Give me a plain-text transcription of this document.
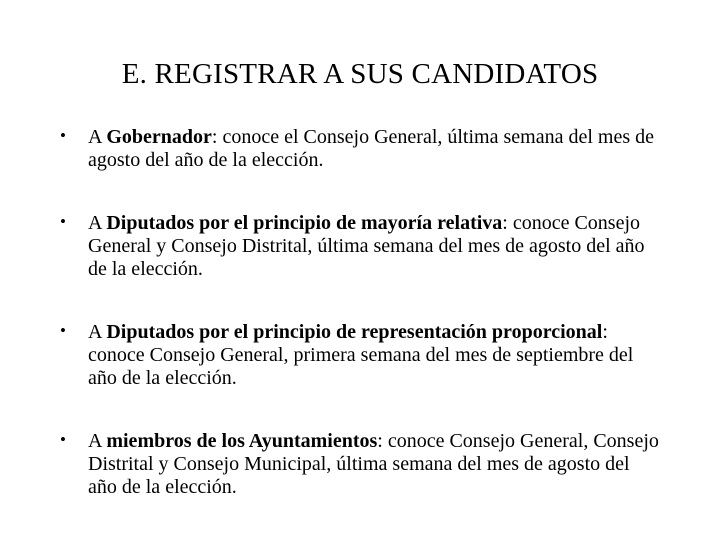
E. REGISTRAR A SUS CANDIDATOS
• A Gobernador: conoce el Consejo General, última semana del mes de agosto del año de la elección.
• A Diputados por el principio de mayoría relativa: conoce Consejo General y Consejo Distrital, última semana del mes de agosto del año de la elección.
• A Diputados por el principio de representación proporcional: conoce Consejo General, primera semana del mes de septiembre del año de la elección.
• A miembros de los Ayuntamientos: conoce Consejo General, Consejo Distrital y Consejo Municipal, última semana del mes de agosto del año de la elección.
